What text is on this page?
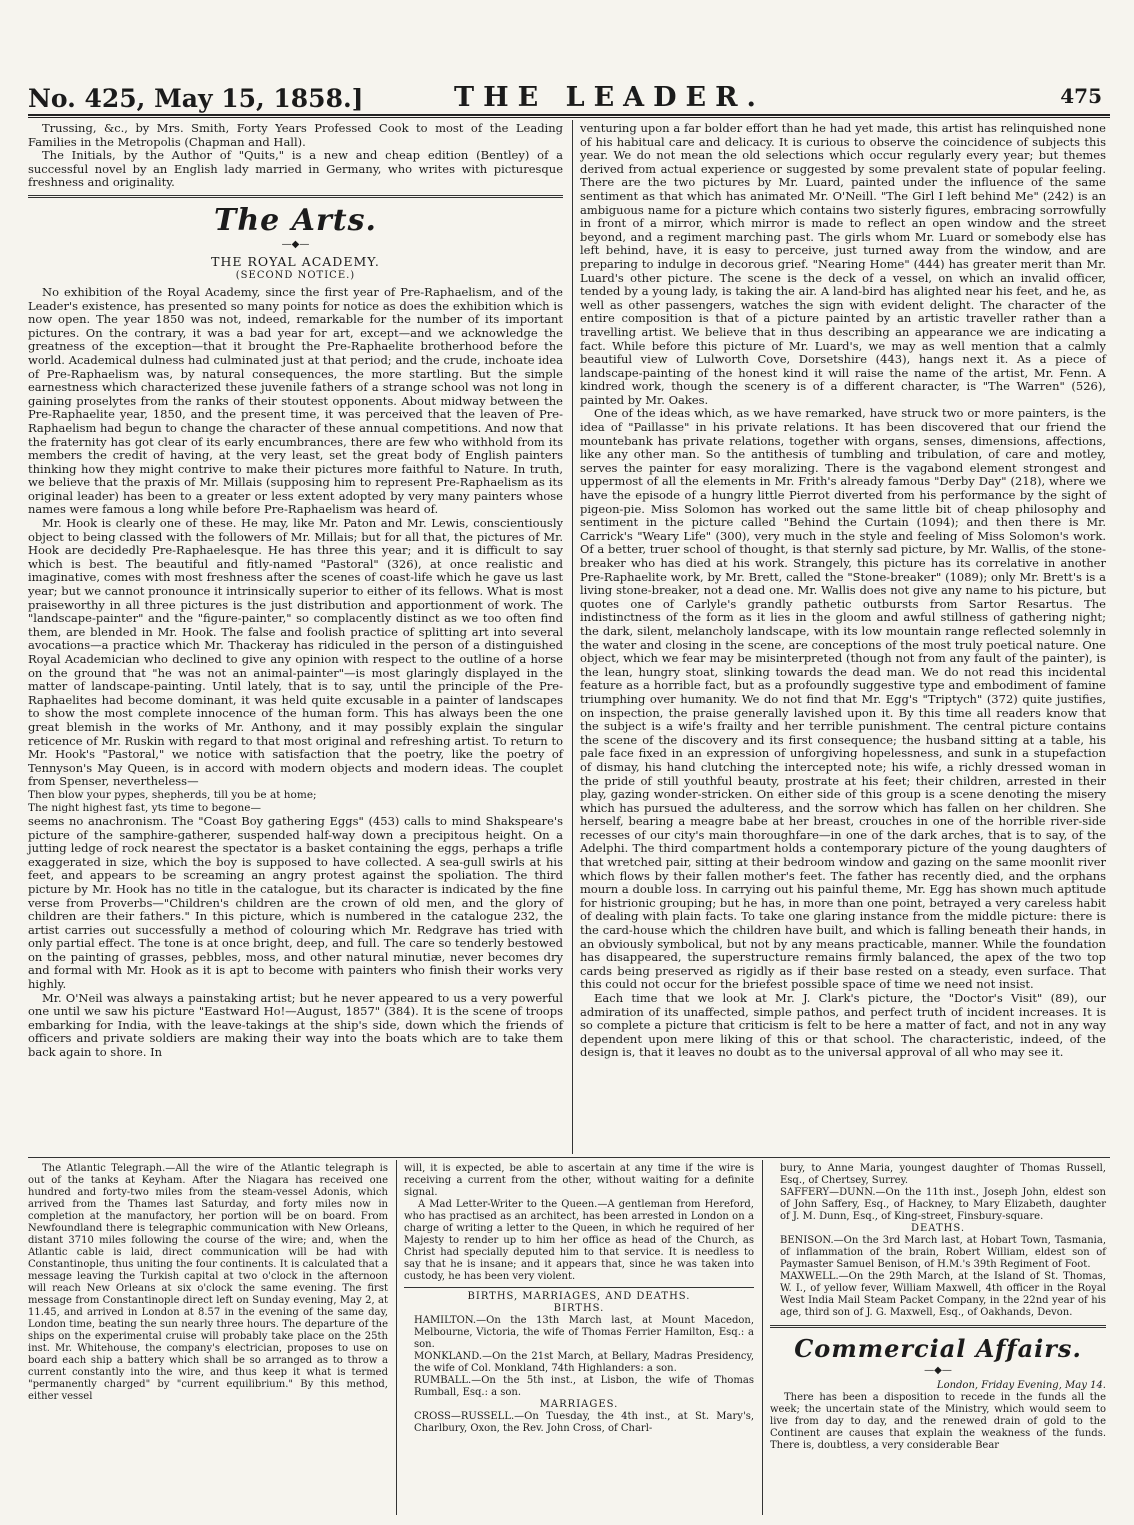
No. 425, May 15, 1858.]	THE LEADER.	475

Trussing, &c., by Mrs. Smith, Forty Years Professed Cook to most of the Leading Families in the Metropolis (Chapman and Hall).

The Initials, by the Author of "Quits," is a new and cheap edition (Bentley) of a successful novel by an English lady married in Germany, who writes with picturesque freshness and originality.

The Arts.
—◆—
THE ROYAL ACADEMY.
(SECOND NOTICE.)

No exhibition of the Royal Academy, since the first year of Pre-Raphaelism, and of the Leader's existence, has presented so many points for notice as does the exhibition which is now open. The year 1850 was not, indeed, remarkable for the number of its important pictures. On the contrary, it was a bad year for art, except—and we acknowledge the greatness of the exception—that it brought the Pre-Raphaelite brotherhood before the world. Academical dulness had culminated just at that period; and the crude, inchoate idea of Pre-Raphaelism was, by natural consequences, the more startling. But the simple earnestness which characterized these juvenile fathers of a strange school was not long in gaining proselytes from the ranks of their stoutest opponents. About midway between the Pre-Raphaelite year, 1850, and the present time, it was perceived that the leaven of Pre-Raphaelism had begun to change the character of these annual competitions. And now that the fraternity has got clear of its early encumbrances, there are few who withhold from its members the credit of having, at the very least, set the great body of English painters thinking how they might contrive to make their pictures more faithful to Nature. In truth, we believe that the praxis of Mr. Millais (supposing him to represent Pre-Raphaelism as its original leader) has been to a greater or less extent adopted by very many painters whose names were famous a long while before Pre-Raphaelism was heard of.

Mr. Hook is clearly one of these. He may, like Mr. Paton and Mr. Lewis, conscientiously object to being classed with the followers of Mr. Millais; but for all that, the pictures of Mr. Hook are decidedly Pre-Raphaelesque. He has three this year; and it is difficult to say which is best. The beautiful and fitly-named "Pastoral" (326), at once realistic and imaginative, comes with most freshness after the scenes of coast-life which he gave us last year; but we cannot pronounce it intrinsically superior to either of its fellows. What is most praiseworthy in all three pictures is the just distribution and apportionment of work. The "landscape-painter" and the "figure-painter," so complacently distinct as we too often find them, are blended in Mr. Hook. The false and foolish practice of splitting art into several avocations—a practice which Mr. Thackeray has ridiculed in the person of a distinguished Royal Academician who declined to give any opinion with respect to the outline of a horse on the ground that "he was not an animal-painter"—is most glaringly displayed in the matter of landscape-painting. Until lately, that is to say, until the principle of the Pre-Raphaelites had become dominant, it was held quite excusable in a painter of landscapes to show the most complete innocence of the human form. This has always been the one great blemish in the works of Mr. Anthony, and it may possibly explain the singular reticence of Mr. Ruskin with regard to that most original and refreshing artist. To return to Mr. Hook's "Pastoral," we notice with satisfaction that the poetry, like the poetry of Tennyson's May Queen, is in accord with modern objects and modern ideas. The couplet from Spenser, nevertheless—

Then blow your pypes, shepherds, till you be at home;

The night highest fast, yts time to begone—

seems no anachronism. The "Coast Boy gathering Eggs" (453) calls to mind Shakspeare's picture of the samphire-gatherer, suspended half-way down a precipitous height. On a jutting ledge of rock nearest the spectator is a basket containing the eggs, perhaps a trifle exaggerated in size, which the boy is supposed to have collected. A sea-gull swirls at his feet, and appears to be screaming an angry protest against the spoliation. The third picture by Mr. Hook has no title in the catalogue, but its character is indicated by the fine verse from Proverbs—"Children's children are the crown of old men, and the glory of children are their fathers." In this picture, which is numbered in the catalogue 232, the artist carries out successfully a method of colouring which Mr. Redgrave has tried with only partial effect. The tone is at once bright, deep, and full. The care so tenderly bestowed on the painting of grasses, pebbles, moss, and other natural minutiæ, never becomes dry and formal with Mr. Hook as it is apt to become with painters who finish their works very highly.

Mr. O'Neil was always a painstaking artist; but he never appeared to us a very powerful one until we saw his picture "Eastward Ho!—August, 1857" (384). It is the scene of troops embarking for India, with the leave-takings at the ship's side, down which the friends of officers and private soldiers are making their way into the boats which are to take them back again to shore. In

venturing upon a far bolder effort than he had yet made, this artist has relinquished none of his habitual care and delicacy. It is curious to observe the coincidence of subjects this year. We do not mean the old selections which occur regularly every year; but themes derived from actual experience or suggested by some prevalent state of popular feeling. There are the two pictures by Mr. Luard, painted under the influence of the same sentiment as that which has animated Mr. O'Neill. "The Girl I left behind Me" (242) is an ambiguous name for a picture which contains two sisterly figures, embracing sorrowfully in front of a mirror, which mirror is made to reflect an open window and the street beyond, and a regiment marching past. The girls whom Mr. Luard or somebody else has left behind, have, it is easy to perceive, just turned away from the window, and are preparing to indulge in decorous grief. "Nearing Home" (444) has greater merit than Mr. Luard's other picture. The scene is the deck of a vessel, on which an invalid officer, tended by a young lady, is taking the air. A land-bird has alighted near his feet, and he, as well as other passengers, watches the sign with evident delight. The character of the entire composition is that of a picture painted by an artistic traveller rather than a travelling artist. We believe that in thus describing an appearance we are indicating a fact. While before this picture of Mr. Luard's, we may as well mention that a calmly beautiful view of Lulworth Cove, Dorsetshire (443), hangs next it. As a piece of landscape-painting of the honest kind it will raise the name of the artist, Mr. Fenn. A kindred work, though the scenery is of a different character, is "The Warren" (526), painted by Mr. Oakes.

One of the ideas which, as we have remarked, have struck two or more painters, is the idea of "Paillasse" in his private relations. It has been discovered that our friend the mountebank has private relations, together with organs, senses, dimensions, affections, like any other man. So the antithesis of tumbling and tribulation, of care and motley, serves the painter for easy moralizing. There is the vagabond element strongest and uppermost of all the elements in Mr. Frith's already famous "Derby Day" (218), where we have the episode of a hungry little Pierrot diverted from his performance by the sight of pigeon-pie. Miss Solomon has worked out the same little bit of cheap philosophy and sentiment in the picture called "Behind the Curtain (1094); and then there is Mr. Carrick's "Weary Life" (300), very much in the style and feeling of Miss Solomon's work. Of a better, truer school of thought, is that sternly sad picture, by Mr. Wallis, of the stone-breaker who has died at his work. Strangely, this picture has its correlative in another Pre-Raphaelite work, by Mr. Brett, called the "Stone-breaker" (1089); only Mr. Brett's is a living stone-breaker, not a dead one. Mr. Wallis does not give any name to his picture, but quotes one of Carlyle's grandly pathetic outbursts from Sartor Resartus. The indistinctness of the form as it lies in the gloom and awful stillness of gathering night; the dark, silent, melancholy landscape, with its low mountain range reflected solemnly in the water and closing in the scene, are conceptions of the most truly poetical nature. One object, which we fear may be misinterpreted (though not from any fault of the painter), is the lean, hungry stoat, slinking towards the dead man. We do not read this incidental feature as a horrible fact, but as a profoundly suggestive type and embodiment of famine triumphing over humanity. We do not find that Mr. Egg's "Triptych" (372) quite justifies, on inspection, the praise generally lavished upon it. By this time all readers know that the subject is a wife's frailty and her terrible punishment. The central picture contains the scene of the discovery and its first consequence; the husband sitting at a table, his pale face fixed in an expression of unforgiving hopelessness, and sunk in a stupefaction of dismay, his hand clutching the intercepted note; his wife, a richly dressed woman in the pride of still youthful beauty, prostrate at his feet; their children, arrested in their play, gazing wonder-stricken. On either side of this group is a scene denoting the misery which has pursued the adulteress, and the sorrow which has fallen on her children. She herself, bearing a meagre babe at her breast, crouches in one of the horrible river-side recesses of our city's main thoroughfare—in one of the dark arches, that is to say, of the Adelphi. The third compartment holds a contemporary picture of the young daughters of that wretched pair, sitting at their bedroom window and gazing on the same moonlit river which flows by their fallen mother's feet. The father has recently died, and the orphans mourn a double loss. In carrying out his painful theme, Mr. Egg has shown much aptitude for histrionic grouping; but he has, in more than one point, betrayed a very careless habit of dealing with plain facts. To take one glaring instance from the middle picture: there is the card-house which the children have built, and which is falling beneath their hands, in an obviously symbolical, but not by any means practicable, manner. While the foundation has disappeared, the superstructure remains firmly balanced, the apex of the two top cards being preserved as rigidly as if their base rested on a steady, even surface. That this could not occur for the briefest possible space of time we need not insist.

Each time that we look at Mr. J. Clark's picture, the "Doctor's Visit" (89), our admiration of its unaffected, simple pathos, and perfect truth of incident increases. It is so complete a picture that criticism is felt to be here a matter of fact, and not in any way dependent upon mere liking of this or that school. The characteristic, indeed, of the design is, that it leaves no doubt as to the universal approval of all who may see it.

The Atlantic Telegraph.—All the wire of the Atlantic telegraph is out of the tanks at Keyham. After the Niagara has received one hundred and forty-two miles from the steam-vessel Adonis, which arrived from the Thames last Saturday, and forty miles now in completion at the manufactory, her portion will be on board. From Newfoundland there is telegraphic communication with New Orleans, distant 3710 miles following the course of the wire; and, when the Atlantic cable is laid, direct communication will be had with Constantinople, thus uniting the four continents. It is calculated that a message leaving the Turkish capital at two o'clock in the afternoon will reach New Orleans at six o'clock the same evening. The first message from Constantinople direct left on Sunday evening, May 2, at 11.45, and arrived in London at 8.57 in the evening of the same day, London time, beating the sun nearly three hours. The departure of the ships on the experimental cruise will probably take place on the 25th inst. Mr. Whitehouse, the company's electrician, proposes to use on board each ship a battery which shall be so arranged as to throw a current constantly into the wire, and thus keep it what is termed "permanently charged" by "current equilibrium." By this method, either vessel

will, it is expected, be able to ascertain at any time if the wire is receiving a current from the other, without waiting for a definite signal.

A Mad Letter-Writer to the Queen.—A gentleman from Hereford, who has practised as an architect, has been arrested in London on a charge of writing a letter to the Queen, in which he required of her Majesty to render up to him her office as head of the Church, as Christ had specially deputed him to that service. It is needless to say that he is insane; and it appears that, since he was taken into custody, he has been very violent.

BIRTHS, MARRIAGES, AND DEATHS.

BIRTHS.

HAMILTON.—On the 13th March last, at Mount Macedon, Melbourne, Victoria, the wife of Thomas Ferrier Hamilton, Esq.: a son.

MONKLAND.—On the 21st March, at Bellary, Madras Presidency, the wife of Col. Monkland, 74th Highlanders: a son.

RUMBALL.—On the 5th inst., at Lisbon, the wife of Thomas Rumball, Esq.: a son.

MARRIAGES.

CROSS—RUSSELL.—On Tuesday, the 4th inst., at St. Mary's, Charlbury, Oxon, the Rev. John Cross, of Charl-

bury, to Anne Maria, youngest daughter of Thomas Russell, Esq., of Chertsey, Surrey.

SAFFERY—DUNN.—On the 11th inst., Joseph John, eldest son of John Saffery, Esq., of Hackney, to Mary Elizabeth, daughter of J. M. Dunn, Esq., of King-street, Finsbury-square.

DEATHS.

BENISON.—On the 3rd March last, at Hobart Town, Tasmania, of inflammation of the brain, Robert William, eldest son of Paymaster Samuel Benison, of H.M.'s 39th Regiment of Foot.

MAXWELL.—On the 29th March, at the Island of St. Thomas, W. I., of yellow fever, William Maxwell, 4th officer in the Royal West India Mail Steam Packet Company, in the 22nd year of his age, third son of J. G. Maxwell, Esq., of Oakhands, Devon.

Commercial Affairs.
—◆—

London, Friday Evening, May 14.

There has been a disposition to recede in the funds all the week; the uncertain state of the Ministry, which would seem to live from day to day, and the renewed drain of gold to the Continent are causes that explain the weakness of the funds. There is, doubtless, a very considerable Bear
